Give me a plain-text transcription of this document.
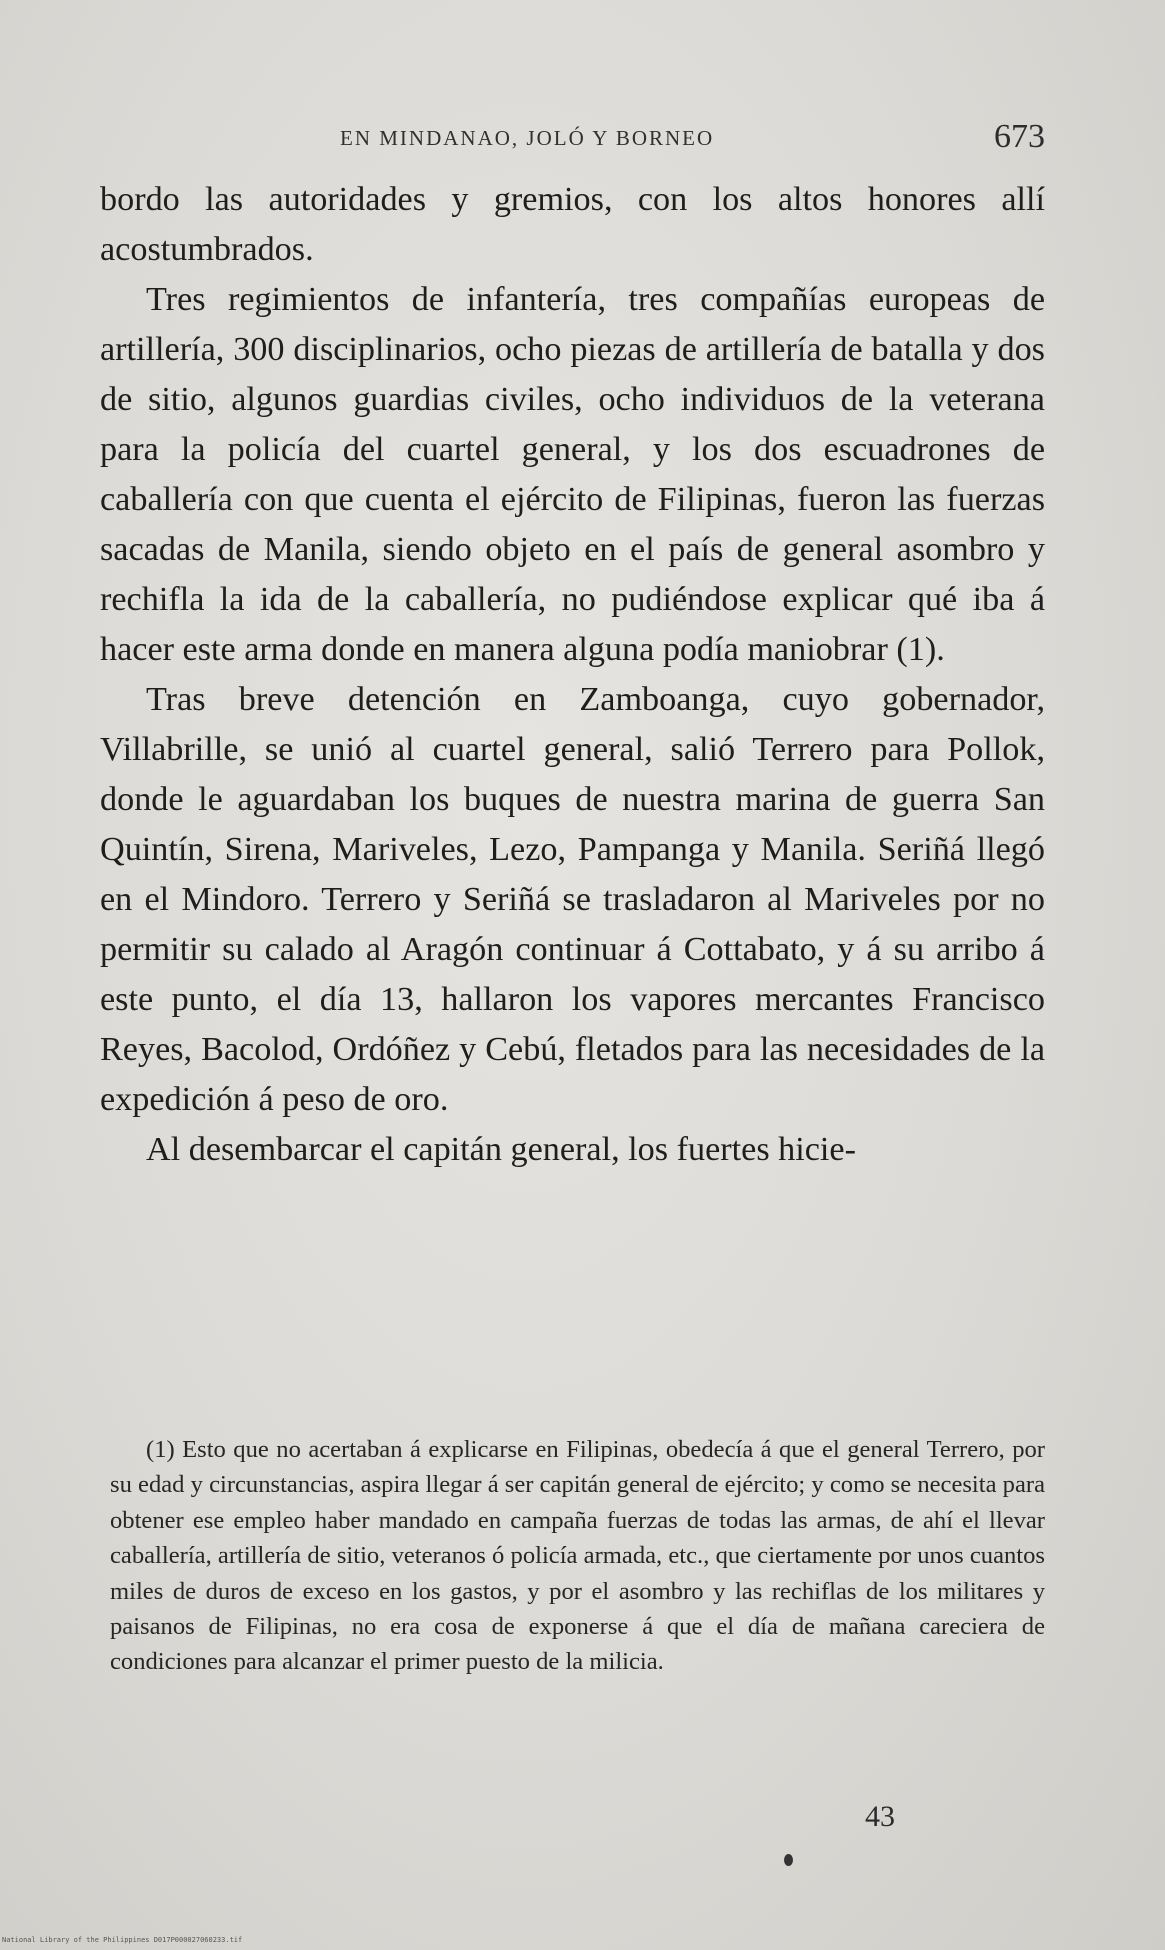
EN MINDANAO, JOLÓ Y BORNEO	673

bordo las autoridades y gremios, con los altos honores allí acostumbrados.

Tres regimientos de infantería, tres compañías europeas de artillería, 300 disciplinarios, ocho piezas de artillería de batalla y dos de sitio, algunos guardias civiles, ocho individuos de la veterana para la policía del cuartel general, y los dos escuadrones de caballería con que cuenta el ejército de Filipinas, fueron las fuerzas sacadas de Manila, siendo objeto en el país de general asombro y rechifla la ida de la caballería, no pudiéndose explicar qué iba á hacer este arma donde en manera alguna podía maniobrar (1).

Tras breve detención en Zamboanga, cuyo gobernador, Villabrille, se unió al cuartel general, salió Terrero para Pollok, donde le aguardaban los buques de nuestra marina de guerra San Quintín, Sirena, Mariveles, Lezo, Pampanga y Manila. Seriñá llegó en el Mindoro. Terrero y Seriñá se trasladaron al Mariveles por no permitir su calado al Aragón continuar á Cottabato, y á su arribo á este punto, el día 13, hallaron los vapores mercantes Francisco Reyes, Bacolod, Ordóñez y Cebú, fletados para las necesidades de la expedición á peso de oro.

Al desembarcar el capitán general, los fuertes hicie-

(1) Esto que no acertaban á explicarse en Filipinas, obedecía á que el general Terrero, por su edad y circunstancias, aspira llegar á ser capitán general de ejército; y como se necesita para obtener ese empleo haber mandado en campaña fuerzas de todas las armas, de ahí el llevar caballería, artillería de sitio, veteranos ó policía armada, etc., que ciertamente por unos cuantos miles de duros de exceso en los gastos, y por el asombro y las rechiflas de los militares y paisanos de Filipinas, no era cosa de exponerse á que el día de mañana careciera de condiciones para alcanzar el primer puesto de la milicia.

43
National Library of the Philippines D017P000027060233.tif
